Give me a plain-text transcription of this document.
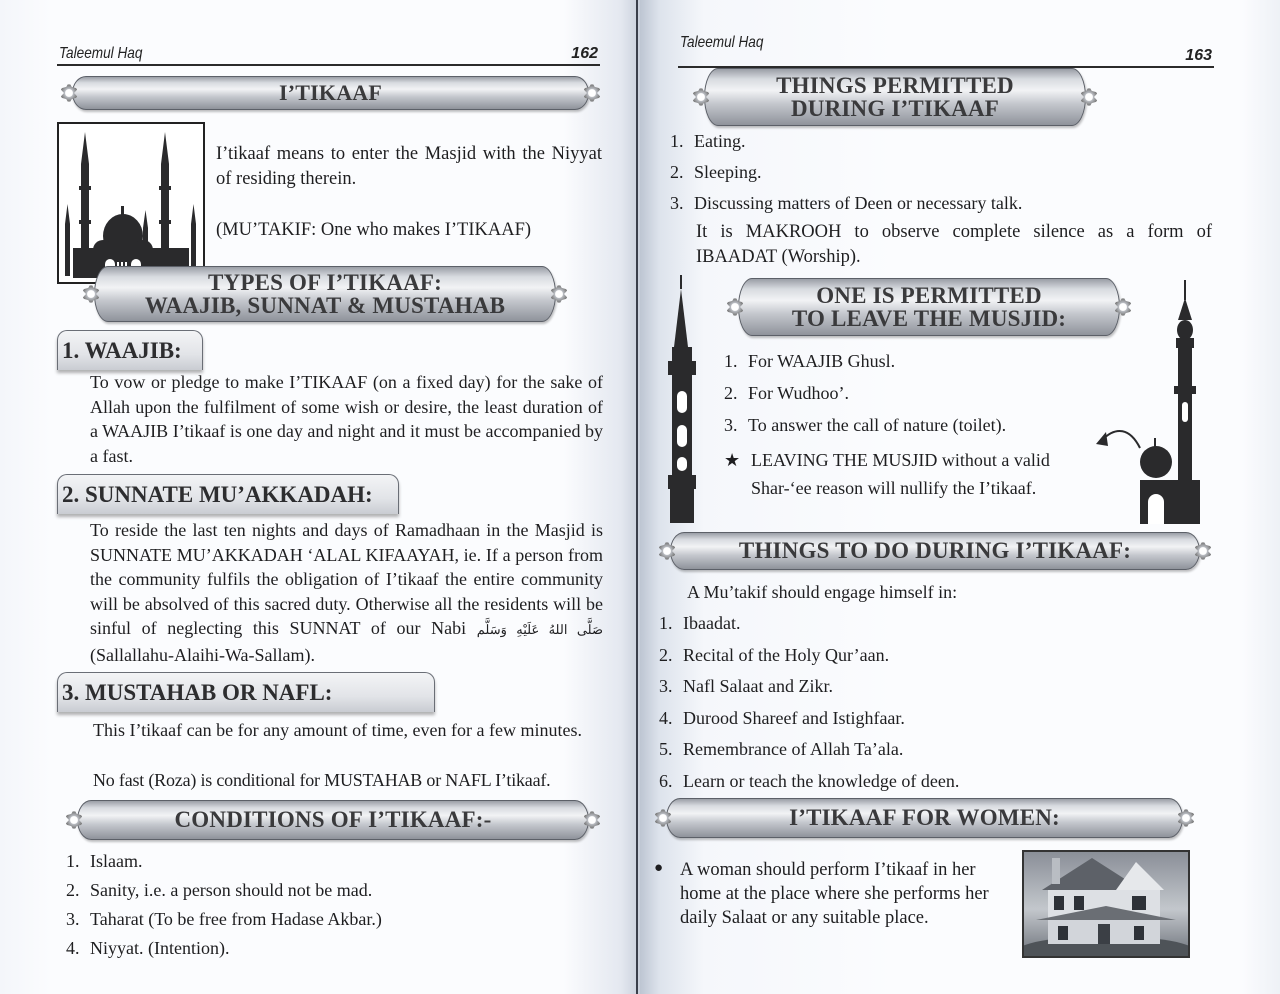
Taleemul Haq	162
I’TIKAAF
I’tikaaf means to enter the Masjid with the Niyyat of residing therein.
(MU’TAKIF: One who makes I’TIKAAF)
TYPES OF I’TIKAAF:
WAAJIB, SUNNAT & MUSTAHAB
1. WAAJIB:
To vow or pledge to make I’TIKAAF (on a fixed day) for the sake of Allah upon the fulfilment of some wish or desire, the least duration of a WAAJIB I’tikaaf is one day and night and it must be accompanied by a fast.
2. SUNNATE MU’AKKADAH:
To reside the last ten nights and days of Ramadhaan in the Masjid is SUNNATE MU’AKKADAH ‘ALAL KIFAAYAH, ie. If a person from the community fulfils the obligation of I’tikaaf the entire community will be absolved of this sacred duty. Otherwise all the residents will be sinful of neglecting this SUNNAT of our Nabi صَلَّى اللهُ عَلَيْهِ وَسَلَّم (Sallallahu-Alaihi-Wa-Sallam).
3. MUSTAHAB OR NAFL:
This I’tikaaf can be for any amount of time, even for a few minutes.
No fast (Roza) is conditional for MUSTAHAB or NAFL I’tikaaf.
CONDITIONS OF I’TIKAAF:-
1. Islaam.
2. Sanity, i.e. a person should not be mad.
3. Taharat (To be free from Hadase Akbar.)
4. Niyyat. (Intention).
Taleemul Haq
163
THINGS PERMITTED
DURING I’TIKAAF
1. Eating.
2. Sleeping.
3. Discussing matters of Deen or necessary talk.
It is MAKROOH to observe complete silence as a form of IBAADAT (Worship).
ONE IS PERMITTED
TO LEAVE THE MUSJID:
1. For WAAJIB Ghusl.
2. For Wudhoo’.
3. To answer the call of nature (toilet).
★ LEAVING THE MUSJID without a valid
Shar-‘ee reason will nullify the I’tikaaf.
THINGS TO DO DURING I’TIKAAF:
A Mu’takif should engage himself in:
1. Ibaadat.
2. Recital of the Holy Qur’aan.
3. Nafl Salaat and Zikr.
4. Durood Shareef and Istighfaar.
5. Remembrance of Allah Ta’ala.
6. Learn or teach the knowledge of deen.
I’TIKAAF FOR WOMEN:
● A woman should perform I’tikaaf in her home at the place where she performs her daily Salaat or any suitable place.
